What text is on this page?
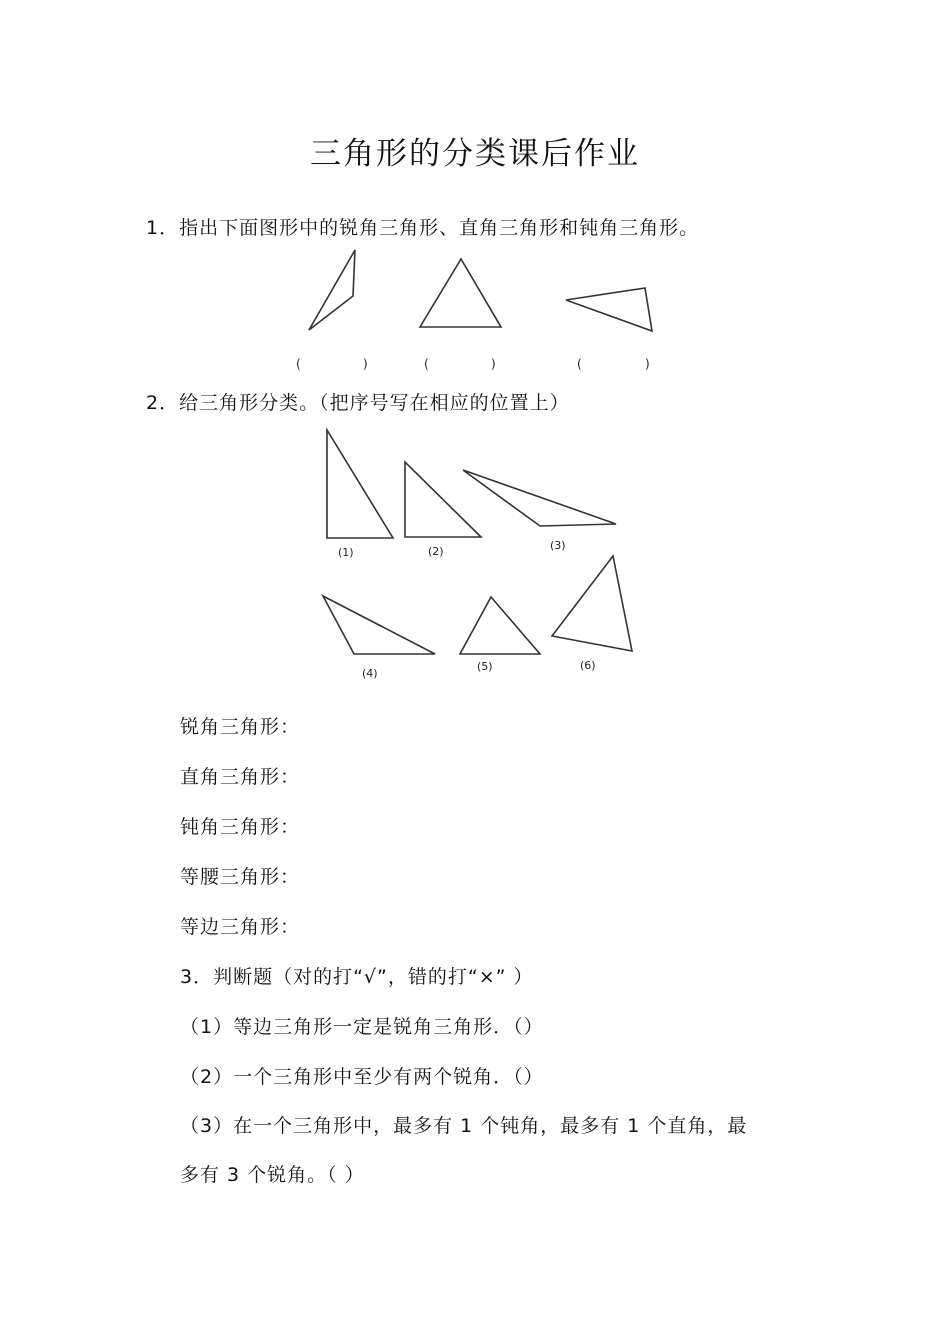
三角形的分类课后作业
1．指出下面图形中的锐角三角形、直角三角形和钝角三角形。
(	)	(	)	(	)
2．给三角形分类。（把序号写在相应的位置上）
(1)	(2)	(3)
(4)
(5)	(6)
锐角三角形：
直角三角形：
钝角三角形：
等腰三角形：
等边三角形：
3．判断题（对的打“√”，错的打“×” ）
（1）等边三角形一定是锐角三角形．（）
（2）一个三角形中至少有两个锐角．（）
（3）在一个三角形中，最多有 1 个钝角，最多有 1 个直角，最
多有 3 个锐角。（ ）
